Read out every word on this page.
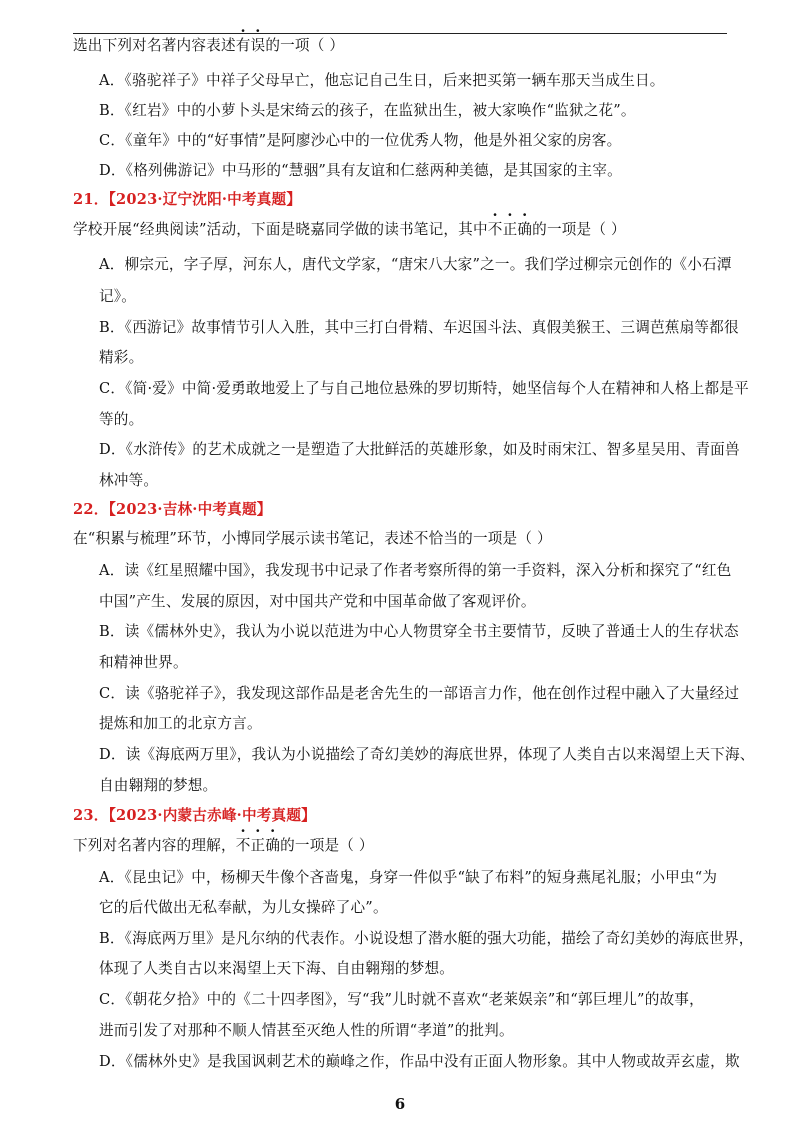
选出下列对名著内容表述有误的一项（ ）
A．《骆驼祥子》中祥子父母早亡，他忘记自己生日，后来把买第一辆车那天当成生日。
B．《红岩》中的小萝卜头是宋绮云的孩子，在监狱出生，被大家唤作“监狱之花”。
C．《童年》中的“好事情”是阿廖沙心中的一位优秀人物，他是外祖父家的房客。
D．《格列佛游记》中马形的“慧骃”具有友谊和仁慈两种美德，是其国家的主宰。
21．【2023·辽宁沈阳·中考真题】
学校开展“经典阅读”活动，下面是晓嘉同学做的读书笔记，其中不正确的一项是（ ）
A．柳宗元，字子厚，河东人，唐代文学家，“唐宋八大家”之一。我们学过柳宗元创作的《小石潭
记》。
B．《西游记》故事情节引人入胜，其中三打白骨精、车迟国斗法、真假美猴王、三调芭蕉扇等都很
精彩。
C．《简·爱》中简·爱勇敢地爱上了与自己地位悬殊的罗切斯特，她坚信每个人在精神和人格上都是平
等的。
D．《水浒传》的艺术成就之一是塑造了大批鲜活的英雄形象，如及时雨宋江、智多星吴用、青面兽
林冲等。
22．【2023·吉林·中考真题】
在“积累与梳理”环节，小博同学展示读书笔记，表述不恰当的一项是（ ）
A．读《红星照耀中国》，我发现书中记录了作者考察所得的第一手资料，深入分析和探究了“红色
中国”产生、发展的原因，对中国共产党和中国革命做了客观评价。
B．读《儒林外史》，我认为小说以范进为中心人物贯穿全书主要情节，反映了普通士人的生存状态
和精神世界。
C．读《骆驼祥子》，我发现这部作品是老舍先生的一部语言力作，他在创作过程中融入了大量经过
提炼和加工的北京方言。
D．读《海底两万里》，我认为小说描绘了奇幻美妙的海底世界，体现了人类自古以来渴望上天下海、
自由翱翔的梦想。
23．【2023·内蒙古赤峰·中考真题】
下列对名著内容的理解，不正确的一项是（ ）
A．《昆虫记》中，杨柳天牛像个吝啬鬼，身穿一件似乎“缺了布料”的短身燕尾礼服；小甲虫“为
它的后代做出无私奉献，为儿女操碎了心”。
B．《海底两万里》是凡尔纳的代表作。小说设想了潜水艇的强大功能，描绘了奇幻美妙的海底世界，
体现了人类自古以来渴望上天下海、自由翱翔的梦想。
C．《朝花夕拾》中的《二十四孝图》，写“我”儿时就不喜欢“老莱娱亲”和“郭巨埋儿”的故事，
进而引发了对那种不顺人情甚至灭绝人性的所谓“孝道”的批判。
D．《儒林外史》是我国讽刺艺术的巅峰之作，作品中没有正面人物形象。其中人物或故弄玄虚，欺
6
